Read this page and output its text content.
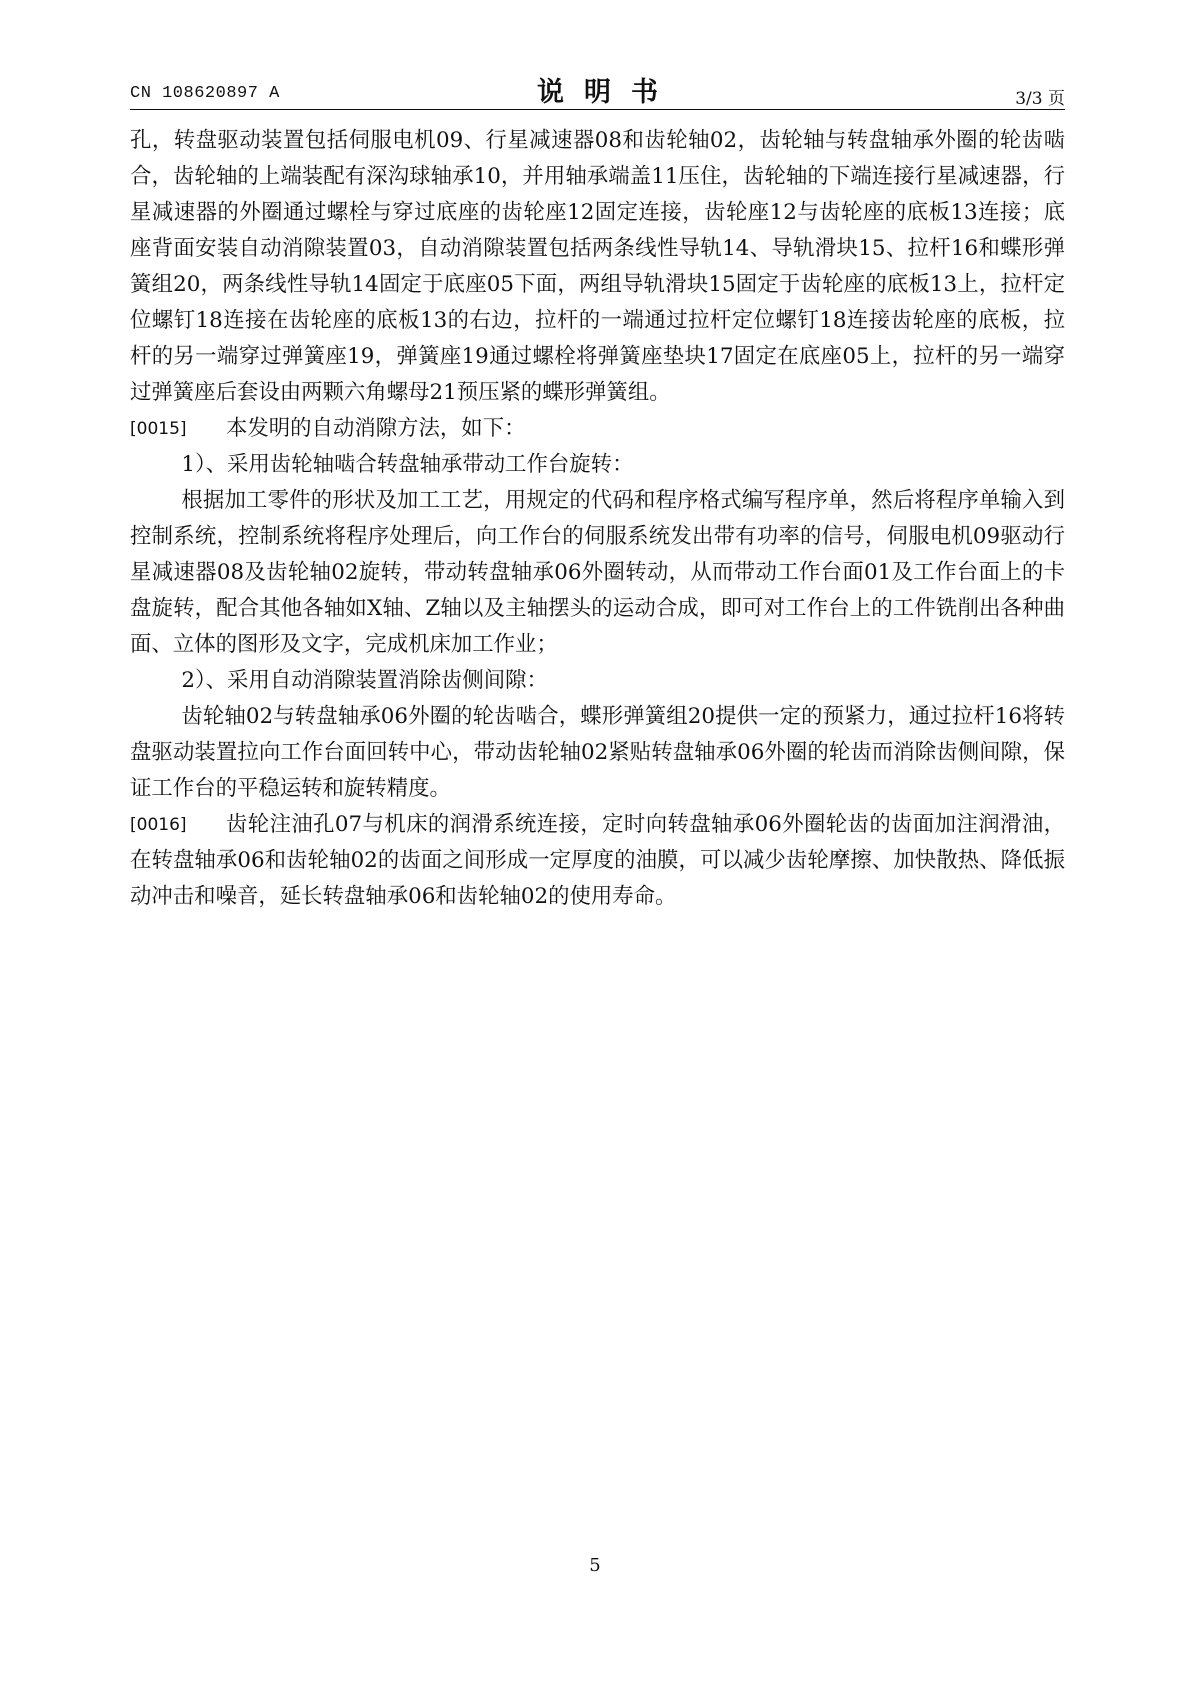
CN 108620897 A	说明书	3/3 页

孔，转盘驱动装置包括伺服电机09、行星减速器08和齿轮轴02，齿轮轴与转盘轴承外圈的轮齿啮合，齿轮轴的上端装配有深沟球轴承10，并用轴承端盖11压住，齿轮轴的下端连接行星减速器，行星减速器的外圈通过螺栓与穿过底座的齿轮座12固定连接，齿轮座12与齿轮座的底板13连接；底座背面安装自动消隙装置03，自动消隙装置包括两条线性导轨14、导轨滑块15、拉杆16和蝶形弹簧组20，两条线性导轨14固定于底座05下面，两组导轨滑块15固定于齿轮座的底板13上，拉杆定位螺钉18连接在齿轮座的底板13的右边，拉杆的一端通过拉杆定位螺钉18连接齿轮座的底板，拉杆的另一端穿过弹簧座19，弹簧座19通过螺栓将弹簧座垫块17固定在底座05上，拉杆的另一端穿过弹簧座后套设由两颗六角螺母21预压紧的蝶形弹簧组。

[0015] 本发明的自动消隙方法，如下：

1）、采用齿轮轴啮合转盘轴承带动工作台旋转：

根据加工零件的形状及加工工艺，用规定的代码和程序格式编写程序单，然后将程序单输入到控制系统，控制系统将程序处理后，向工作台的伺服系统发出带有功率的信号，伺服电机09驱动行星减速器08及齿轮轴02旋转，带动转盘轴承06外圈转动，从而带动工作台面01及工作台面上的卡盘旋转，配合其他各轴如X轴、Z轴以及主轴摆头的运动合成，即可对工作台上的工件铣削出各种曲面、立体的图形及文字，完成机床加工作业；

2）、采用自动消隙装置消除齿侧间隙：

齿轮轴02与转盘轴承06外圈的轮齿啮合，蝶形弹簧组20提供一定的预紧力，通过拉杆16将转盘驱动装置拉向工作台面回转中心，带动齿轮轴02紧贴转盘轴承06外圈的轮齿而消除齿侧间隙，保证工作台的平稳运转和旋转精度。

[0016] 齿轮注油孔07与机床的润滑系统连接，定时向转盘轴承06外圈轮齿的齿面加注润滑油，在转盘轴承06和齿轮轴02的齿面之间形成一定厚度的油膜，可以减少齿轮摩擦、加快散热、降低振动冲击和噪音，延长转盘轴承06和齿轮轴02的使用寿命。

5
